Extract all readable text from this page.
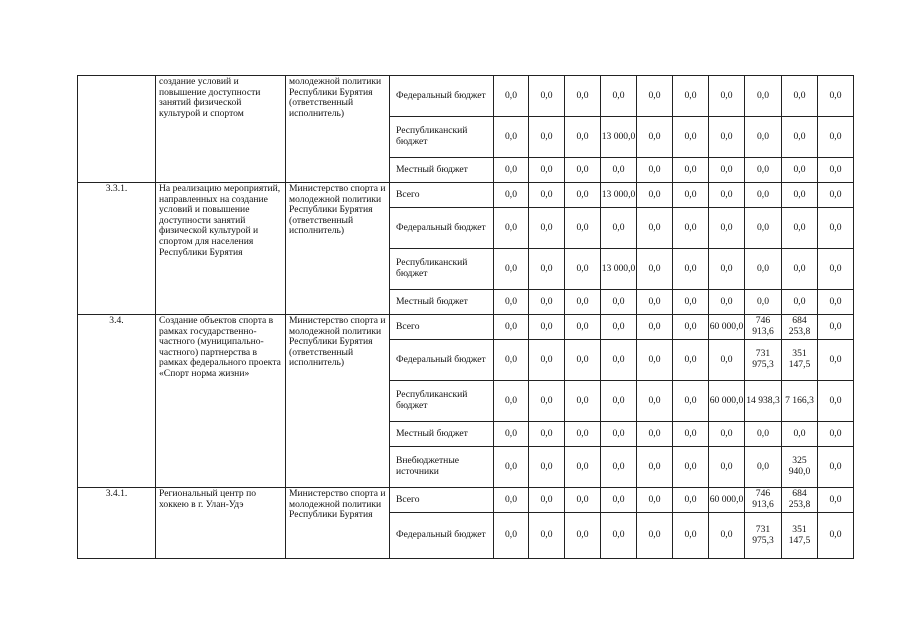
	создание условий и повышение доступности занятий физической культурой и спортом	молодежной политики Республики Бурятия (ответственный исполнитель)	Федеральный бюджет	0,0	0,0	0,0	0,0	0,0	0,0	0,0	0,0	0,0	0,0
			Республиканский бюджет	0,0	0,0	0,0	13 000,0	0,0	0,0	0,0	0,0	0,0	0,0
			Местный бюджет	0,0	0,0	0,0	0,0	0,0	0,0	0,0	0,0	0,0	0,0
3.3.1.	На реализацию мероприятий, направленных на создание условий и повышение доступности занятий физической культурой и спортом для населения Республики Бурятия	Министерство спорта и молодежной политики Республики Бурятия (ответственный исполнитель)	Всего	0,0	0,0	0,0	13 000,0	0,0	0,0	0,0	0,0	0,0	0,0
			Федеральный бюджет	0,0	0,0	0,0	0,0	0,0	0,0	0,0	0,0	0,0	0,0
			Республиканский бюджет	0,0	0,0	0,0	13 000,0	0,0	0,0	0,0	0,0	0,0	0,0
			Местный бюджет	0,0	0,0	0,0	0,0	0,0	0,0	0,0	0,0	0,0	0,0
3.4.	Создание объектов спорта в рамках государственно-частного (муниципально-частного) партнерства в рамках федерального проекта «Спорт норма жизни»	Министерство спорта и молодежной политики Республики Бурятия (ответственный исполнитель)	Всего	0,0	0,0	0,0	0,0	0,0	0,0	60 000,0	746 913,6	684 253,8	0,0
			Федеральный бюджет	0,0	0,0	0,0	0,0	0,0	0,0	0,0	731 975,3	351 147,5	0,0
			Республиканский бюджет	0,0	0,0	0,0	0,0	0,0	0,0	60 000,0	14 938,3	7 166,3	0,0
			Местный бюджет	0,0	0,0	0,0	0,0	0,0	0,0	0,0	0,0	0,0	0,0
			Внебюджетные источники	0,0	0,0	0,0	0,0	0,0	0,0	0,0	0,0	325 940,0	0,0
3.4.1.	Региональный центр по хоккею в г. Улан-Удэ	Министерство спорта и молодежной политики Республики Бурятия	Всего	0,0	0,0	0,0	0,0	0,0	0,0	60 000,0	746 913,6	684 253,8	0,0
			Федеральный бюджет	0,0	0,0	0,0	0,0	0,0	0,0	0,0	731 975,3	351 147,5	0,0
